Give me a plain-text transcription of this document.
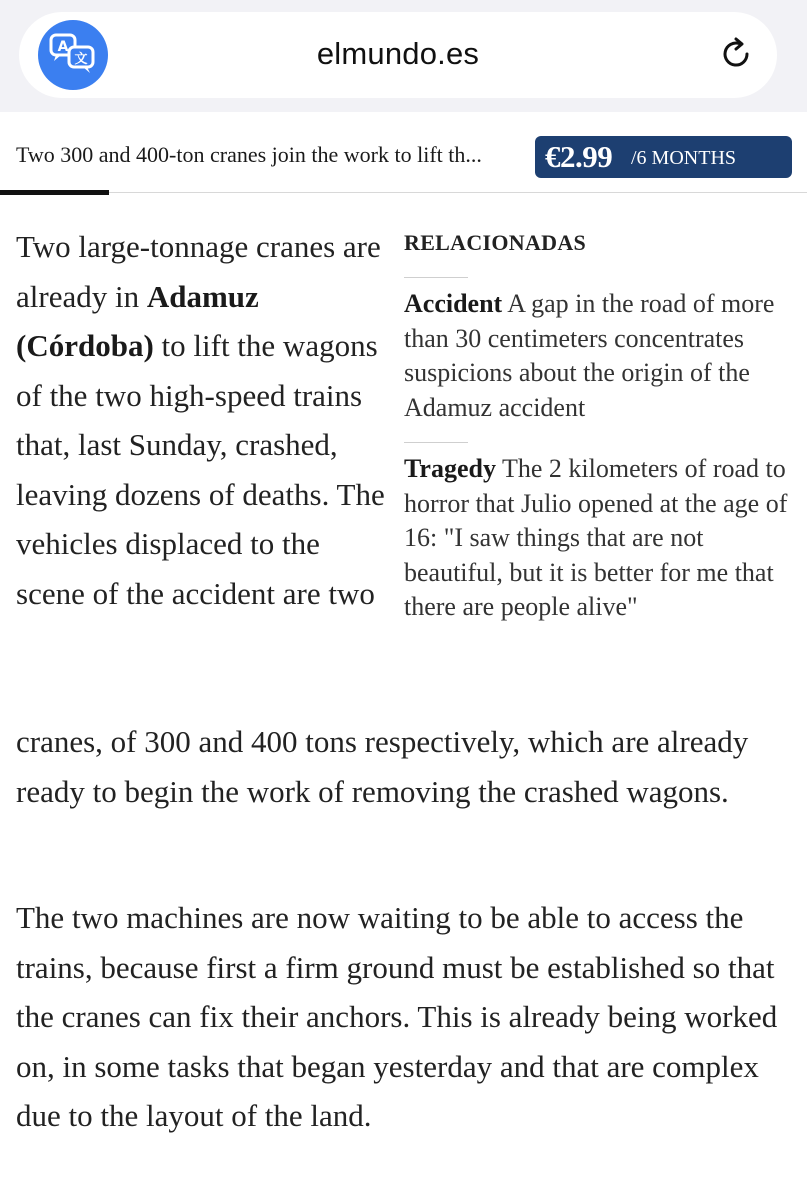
A
文	elmundo.es
Two 300 and 400-ton cranes join the work to lift th...	€2.99 /6 MONTHS
Two large-tonnage cranes are already in Adamuz (Córdoba) to lift the wagons of the two high-speed trains that, last Sunday, crashed, leaving dozens of deaths. The vehicles displaced to the scene of the accident are two
RELACIONADAS
Accident A gap in the road of more than 30 centimeters concentrates suspicions about the origin of the Adamuz accident
Tragedy The 2 kilometers of road to horror that Julio opened at the age of 16: "I saw things that are not beautiful, but it is better for me that there are people alive"
cranes, of 300 and 400 tons respectively, which are already ready to begin the work of removing the crashed wagons.
The two machines are now waiting to be able to access the trains, because first a firm ground must be established so that the cranes can fix their anchors. This is already being worked on, in some tasks that began yesterday and that are complex due to the layout of the land.
